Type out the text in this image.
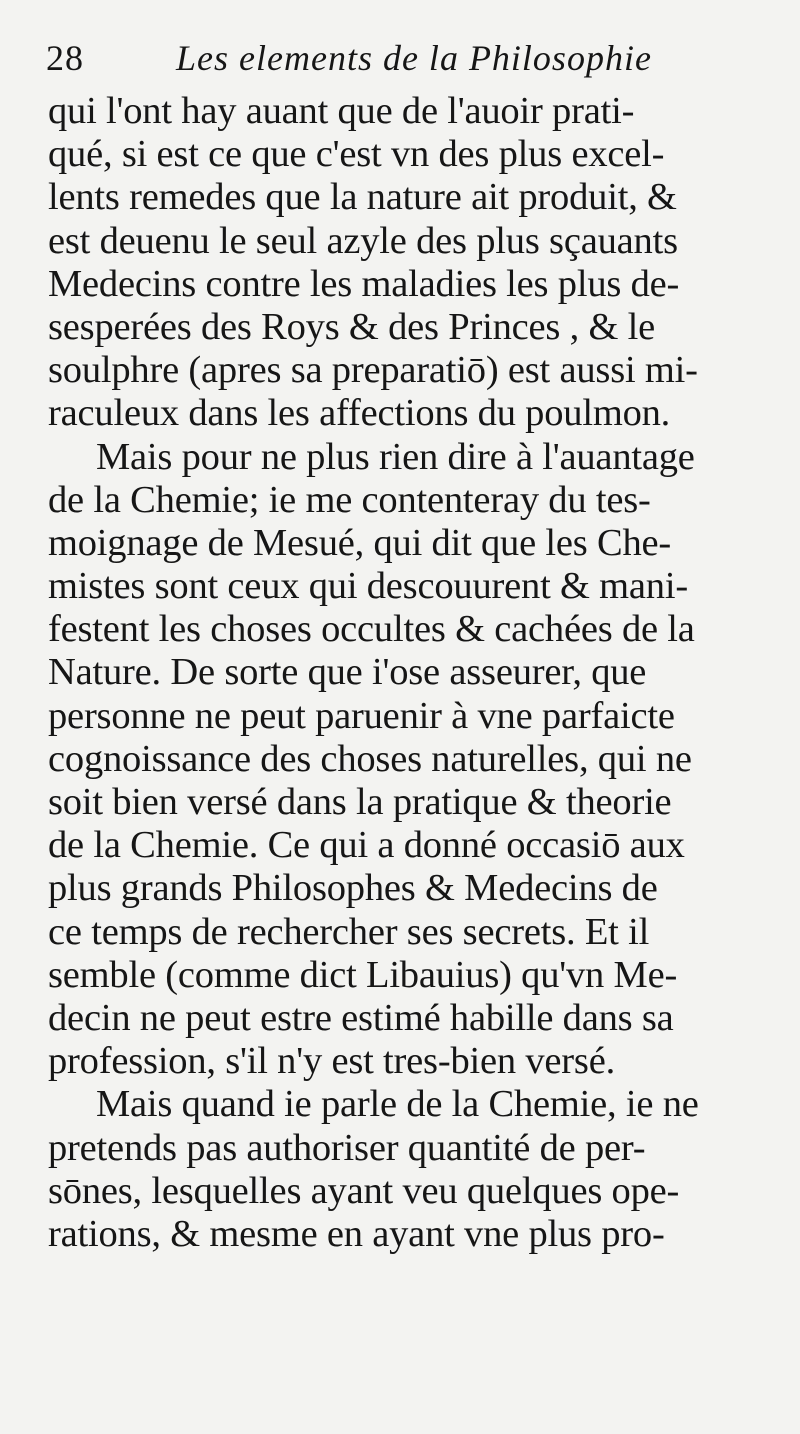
28	Les elements de la Philosophie
qui l'ont hay auant que de l'auoir prati-
qué, si est ce que c'est vn des plus excel-
lents remedes que la nature ait produit, &
est deuenu le seul azyle des plus sçauants
Medecins contre les maladies les plus de-
sesperées des Roys & des Princes , & le
soulphre (apres sa preparatiō) est aussi mi-
raculeux dans les affections du poulmon.
Mais pour ne plus rien dire à l'auantage
de la Chemie; ie me contenteray du tes-
moignage de Mesué, qui dit que les Che-
mistes sont ceux qui descouurent & mani-
festent les choses occultes & cachées de la
Nature. De sorte que i'ose asseurer, que
personne ne peut paruenir à vne parfaicte
cognoissance des choses naturelles, qui ne
soit bien versé dans la pratique & theorie
de la Chemie. Ce qui a donné occasiō aux
plus grands Philosophes & Medecins de
ce temps de rechercher ses secrets. Et il
semble (comme dict Libauius) qu'vn Me-
decin ne peut estre estimé habille dans sa
profession, s'il n'y est tres-bien versé.
Mais quand ie parle de la Chemie, ie ne
pretends pas authoriser quantité de per-
sōnes, lesquelles ayant veu quelques ope-
rations, & mesme en ayant vne plus pro-
